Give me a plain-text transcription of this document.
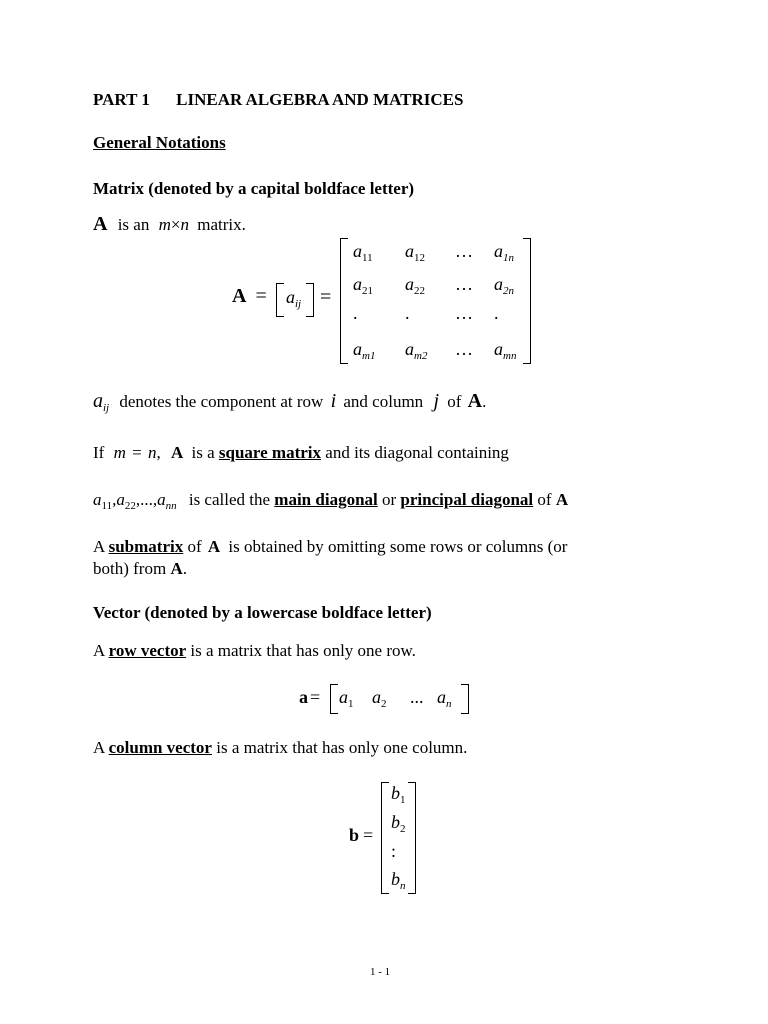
PART 1 LINEAR ALGEBRA AND MATRICES
General Notations
Matrix (denoted by a capital boldface letter)
A is an m×n matrix.
$A = a_{ij}$ =
$a_{11}$ $a_{12}$ … $a_{1n}$
$a_{21}$ $a_{22}$ … $a_{2n}$
.	.	… .
$a_{m1}$ $a_{m2}$ … $a_{mn}$
$a_{ij}$ denotes the component at row i and column j of A.
If m = n, A is a square matrix and its diagonal containing
$a_{11},a_{22},...,a_{nn}$ is called the main diagonal or principal diagonal of A
A submatrix of A is obtained by omitting some rows or columns (or
both) from A.
Vector (denoted by a lowercase boldface letter)
A row vector is a matrix that has only one row.
$a = a_1$ $a_2$ ... $a_n$
A column vector is a matrix that has only one column.
b =
$b_1$
$b_2$
:
$b_n$
1 - 1
